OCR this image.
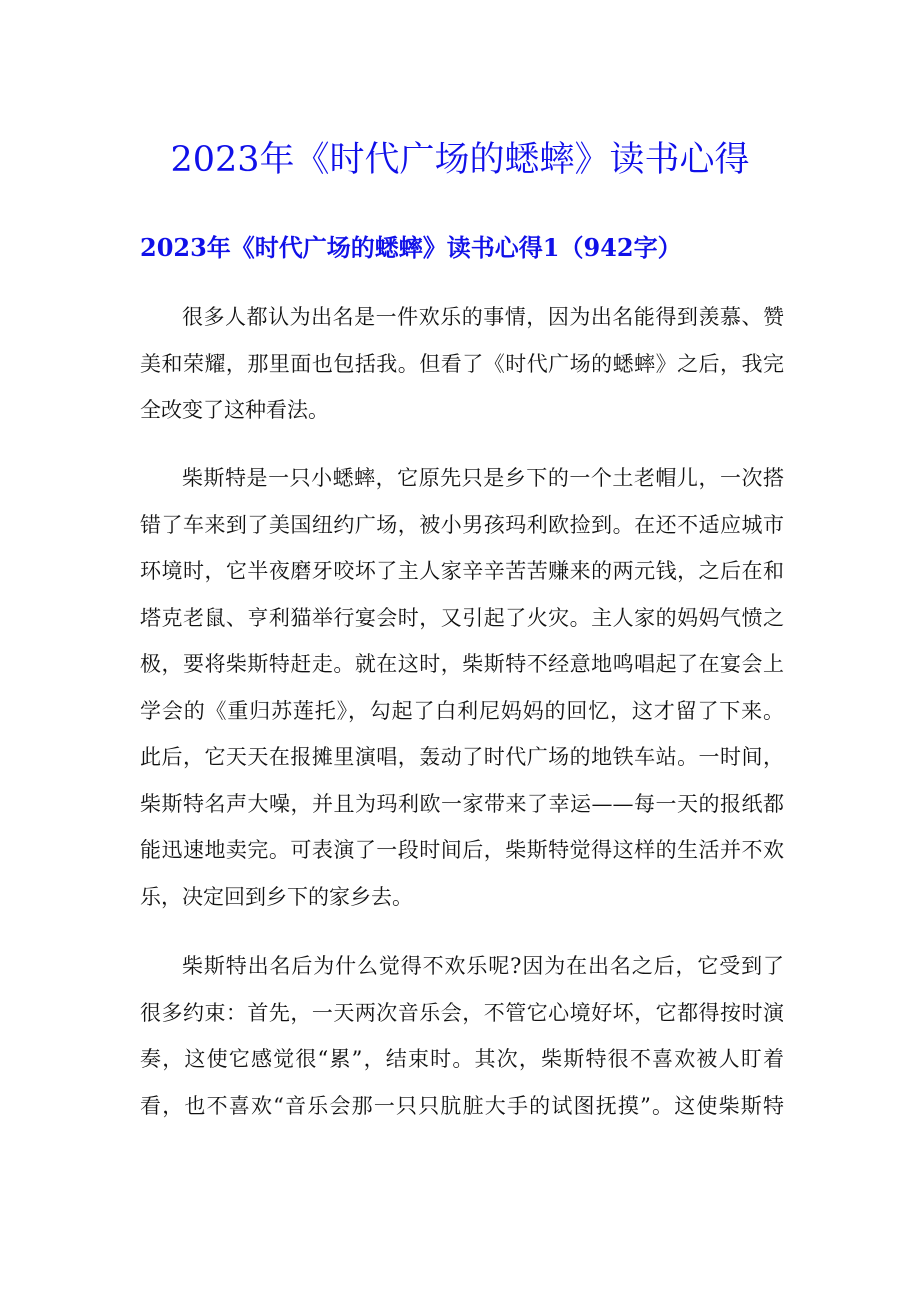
2023年《时代广场的蟋蟀》读书心得
2023年《时代广场的蟋蟀》读书心得1（942字）
很多人都认为出名是一件欢乐的事情，因为出名能得到羡慕、赞
美和荣耀，那里面也包括我。但看了《时代广场的蟋蟀》之后，我完
全改变了这种看法。
柴斯特是一只小蟋蟀，它原先只是乡下的一个土老帽儿，一次搭
错了车来到了美国纽约广场，被小男孩玛利欧捡到。在还不适应城市
环境时，它半夜磨牙咬坏了主人家辛辛苦苦赚来的两元钱，之后在和
塔克老鼠、亨利猫举行宴会时，又引起了火灾。主人家的妈妈气愤之
极，要将柴斯特赶走。就在这时，柴斯特不经意地鸣唱起了在宴会上
学会的《重归苏莲托》，勾起了白利尼妈妈的回忆，这才留了下来。
此后，它天天在报摊里演唱，轰动了时代广场的地铁车站。一时间，
柴斯特名声大噪，并且为玛利欧一家带来了幸运——每一天的报纸都
能迅速地卖完。可表演了一段时间后，柴斯特觉得这样的生活并不欢
乐，决定回到乡下的家乡去。
柴斯特出名后为什么觉得不欢乐呢?因为在出名之后，它受到了
很多约束：首先，一天两次音乐会，不管它心境好坏，它都得按时演
奏，这使它感觉很“累”，结束时。其次，柴斯特很不喜欢被人盯着
看，也不喜欢“音乐会那一只只肮脏大手的试图抚摸”。这使柴斯特
